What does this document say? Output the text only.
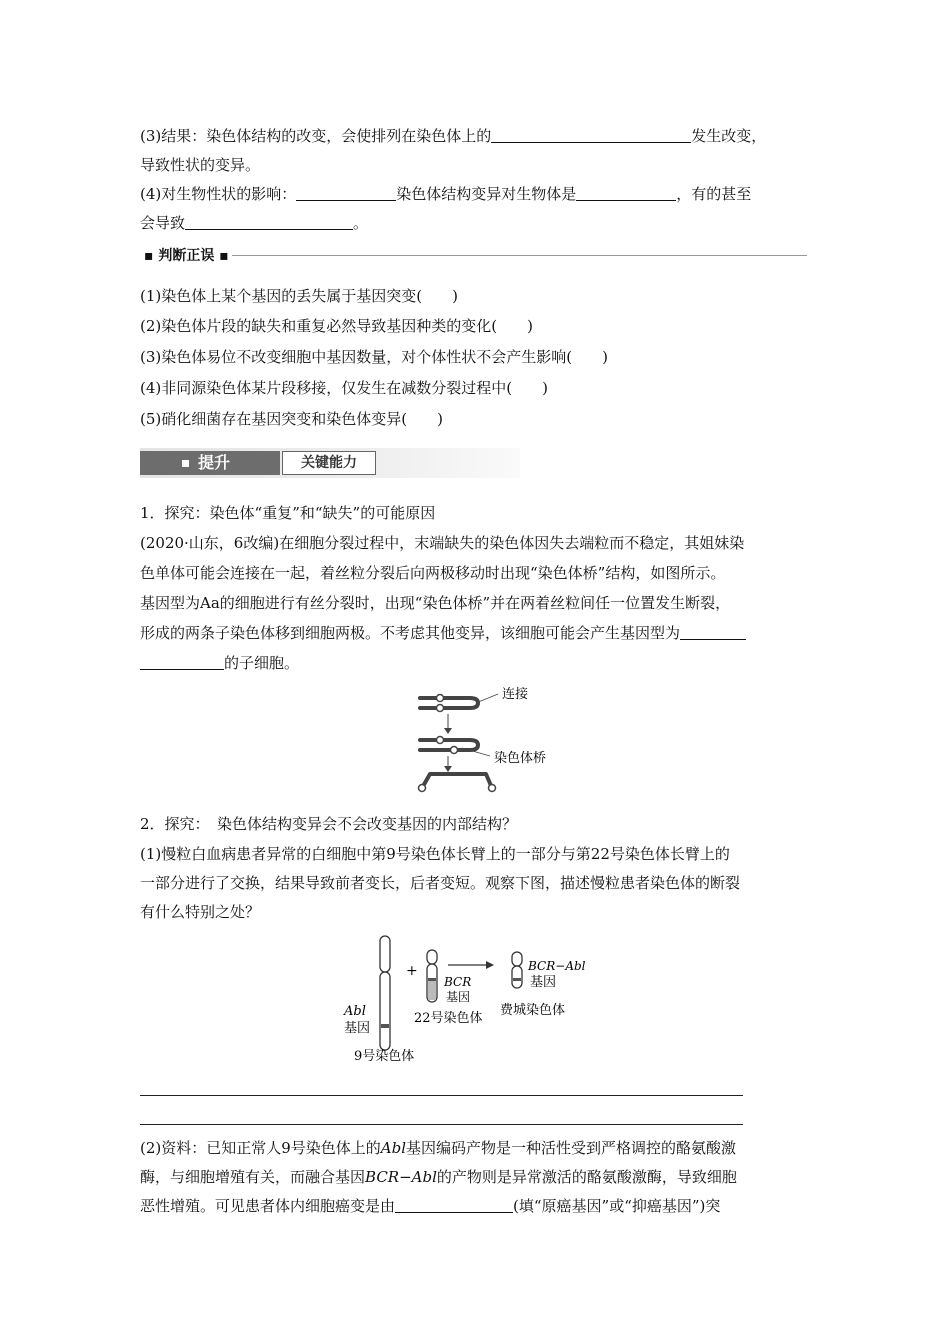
(3)结果：染色体结构的改变，会使排列在染色体上的	发生改变，
导致性状的变异。
(4)对生物性状的影响：	染色体结构变异对生物体是	，有的甚至
会导致	。
▪ 判断正误 ▪
(1)染色体上某个基因的丢失属于基因突变(　　)
(2)染色体片段的缺失和重复必然导致基因种类的变化(　　)
(3)染色体易位不改变细胞中基因数量，对个体性状不会产生影响(　　)
(4)非同源染色体某片段移接，仅发生在减数分裂过程中(　　)
(5)硝化细菌存在基因突变和染色体变异(　　)
提升	关键能力
1．探究：染色体“重复”和“缺失”的可能原因
(2020·山东，6改编)在细胞分裂过程中，末端缺失的染色体因失去端粒而不稳定，其姐妹染
色单体可能会连接在一起，着丝粒分裂后向两极移动时出现“染色体桥”结构，如图所示。
基因型为Aa的细胞进行有丝分裂时，出现“染色体桥”并在两着丝粒间任一位置发生断裂，
形成的两条子染色体移到细胞两极。不考虑其他变异，该细胞可能会产生基因型为
的子细胞。
连接
染色体桥
2．探究：　染色体结构变异会不会改变基因的内部结构？
(1)慢粒白血病患者异常的白细胞中第9号染色体长臂上的一部分与第22号染色体长臂上的
一部分进行了交换，结果导致前者变长，后者变短。观察下图，描述慢粒患者染色体的断裂
有什么特别之处？
Abl
基因
9号染色体
+
BCR
基因
22号染色体
BCR−Abl
基因
费城染色体
(2)资料：已知正常人9号染色体上的Abl基因编码产物是一种活性受到严格调控的酪氨酸激
酶，与细胞增殖有关，而融合基因BCR−Abl的产物则是异常激活的酪氨酸激酶，导致细胞
恶性增殖。可见患者体内细胞癌变是由	(填“原癌基因”或“抑癌基因”)突
